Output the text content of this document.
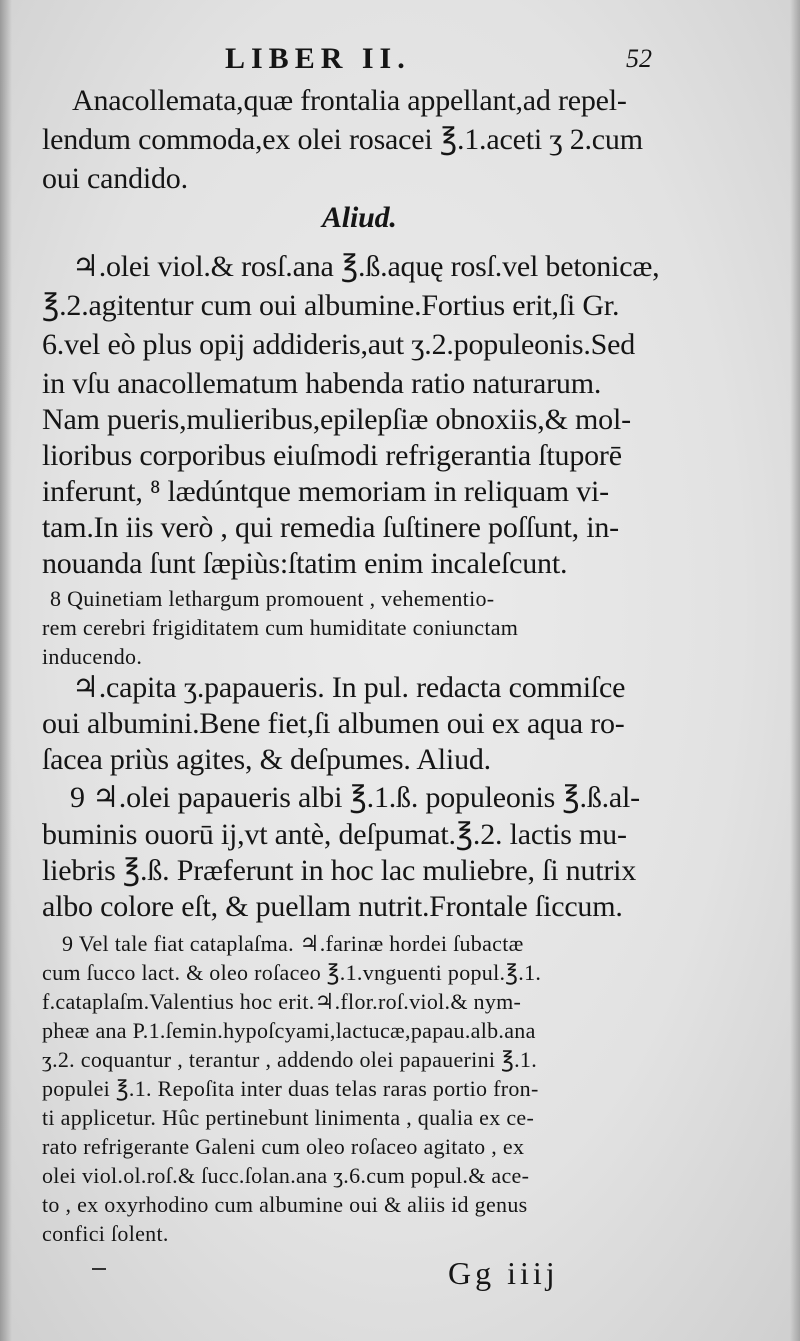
LIBER II.	52
Anacollemata,quæ frontalia appellant,ad repel-
lendum commoda,ex olei rosacei ℥.1.aceti ʒ 2.cum
oui candido.
Aliud.
♃.olei viol.& rosſ.ana ℥.ß.aquę rosſ.vel betonicæ,
℥.2.agitentur cum oui albumine.Fortius erit,ſi Gr.
6.vel eò plus opij addideris,aut ʒ.2.populeonis.Sed
in vſu anacollematum habenda ratio naturarum.
Nam pueris,mulieribus,epilepſiæ obnoxiis,& mol-
lioribus corporibus eiuſmodi refrigerantia ſtuporē
inferunt, ⁸ lædúntque memoriam in reliquam vi-
tam.In iis verò , qui remedia ſuſtinere poſſunt, in-
nouanda ſunt ſæpiùs:ſtatim enim incaleſcunt.
8 Quinetiam lethargum promouent , vehementio-
rem cerebri frigiditatem cum humiditate coniunctam
inducendo.
♃.capita ʒ.papaueris. In pul. redacta commiſce
oui albumini.Bene fiet,ſi albumen oui ex aqua ro-
ſacea priùs agites, & deſpumes. Aliud.
9 ♃.olei papaueris albi ℥.1.ß. populeonis ℥.ß.al-
buminis ouorū ij,vt antè, deſpumat.℥.2. lactis mu-
liebris ℥.ß. Præferunt in hoc lac muliebre, ſi nutrix
albo colore eſt, & puellam nutrit.Frontale ſiccum.
9 Vel tale fiat cataplaſma. ♃.farinæ hordei ſubactæ
cum ſucco lact. & oleo roſaceo ℥.1.vnguenti popul.℥.1.
f.cataplaſm.Valentius hoc erit.♃.flor.roſ.viol.& nym-
pheæ ana P.1.ſemin.hypoſcyami,lactucæ,papau.alb.ana
ʒ.2. coquantur , terantur , addendo olei papauerini ℥.1.
populei ℥.1. Repoſita inter duas telas raras portio fron-
ti applicetur. Hûc pertinebunt linimenta , qualia ex ce-
rato refrigerante Galeni cum oleo roſaceo agitato , ex
olei viol.ol.roſ.& ſucc.ſolan.ana ʒ.6.cum popul.& ace-
to , ex oxyrhodino cum albumine oui & aliis id genus
confici ſolent.
Gg iiij
